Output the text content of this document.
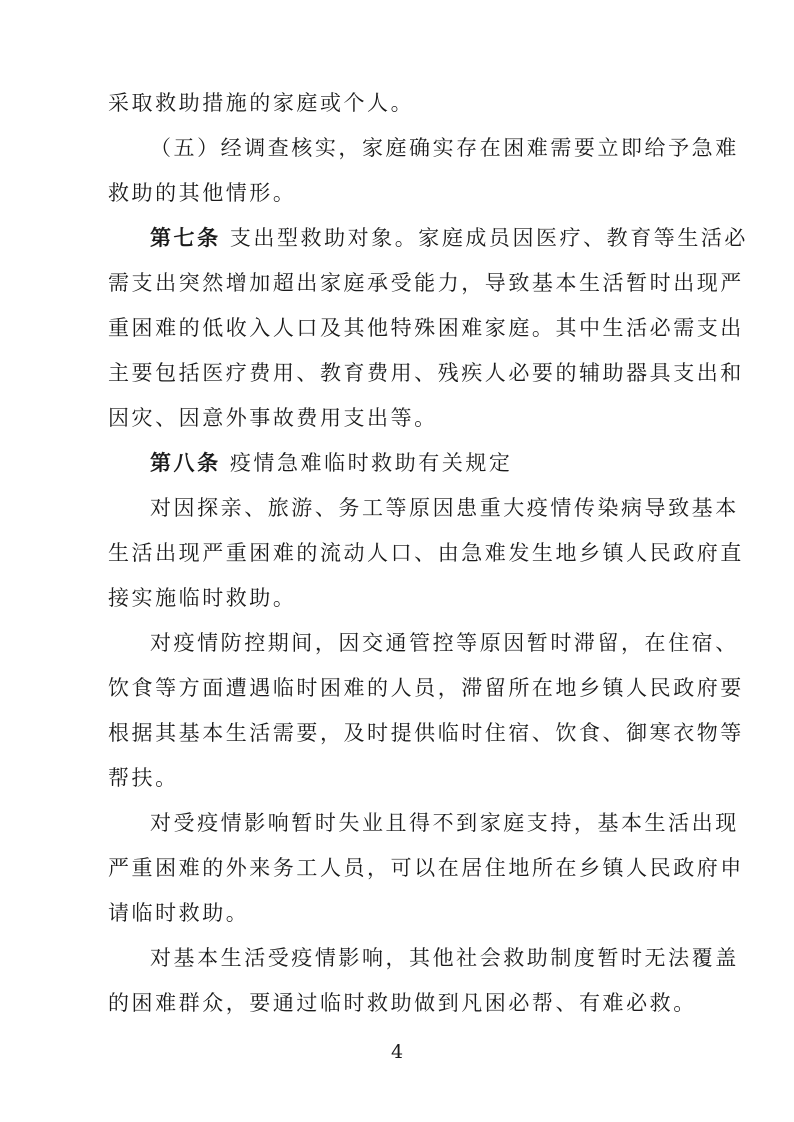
采取救助措施的家庭或个人。
（五）经调查核实，家庭确实存在困难需要立即给予急难
救助的其他情形。
第七条 支出型救助对象。家庭成员因医疗、教育等生活必
需支出突然增加超出家庭承受能力，导致基本生活暂时出现严
重困难的低收入人口及其他特殊困难家庭。其中生活必需支出
主要包括医疗费用、教育费用、残疾人必要的辅助器具支出和
因灾、因意外事故费用支出等。
第八条 疫情急难临时救助有关规定
对因探亲、旅游、务工等原因患重大疫情传染病导致基本
生活出现严重困难的流动人口、由急难发生地乡镇人民政府直
接实施临时救助。
对疫情防控期间，因交通管控等原因暂时滞留，在住宿、
饮食等方面遭遇临时困难的人员，滞留所在地乡镇人民政府要
根据其基本生活需要，及时提供临时住宿、饮食、御寒衣物等
帮扶。
对受疫情影响暂时失业且得不到家庭支持，基本生活出现
严重困难的外来务工人员，可以在居住地所在乡镇人民政府申
请临时救助。
对基本生活受疫情影响，其他社会救助制度暂时无法覆盖
的困难群众，要通过临时救助做到凡困必帮、有难必救。
4
